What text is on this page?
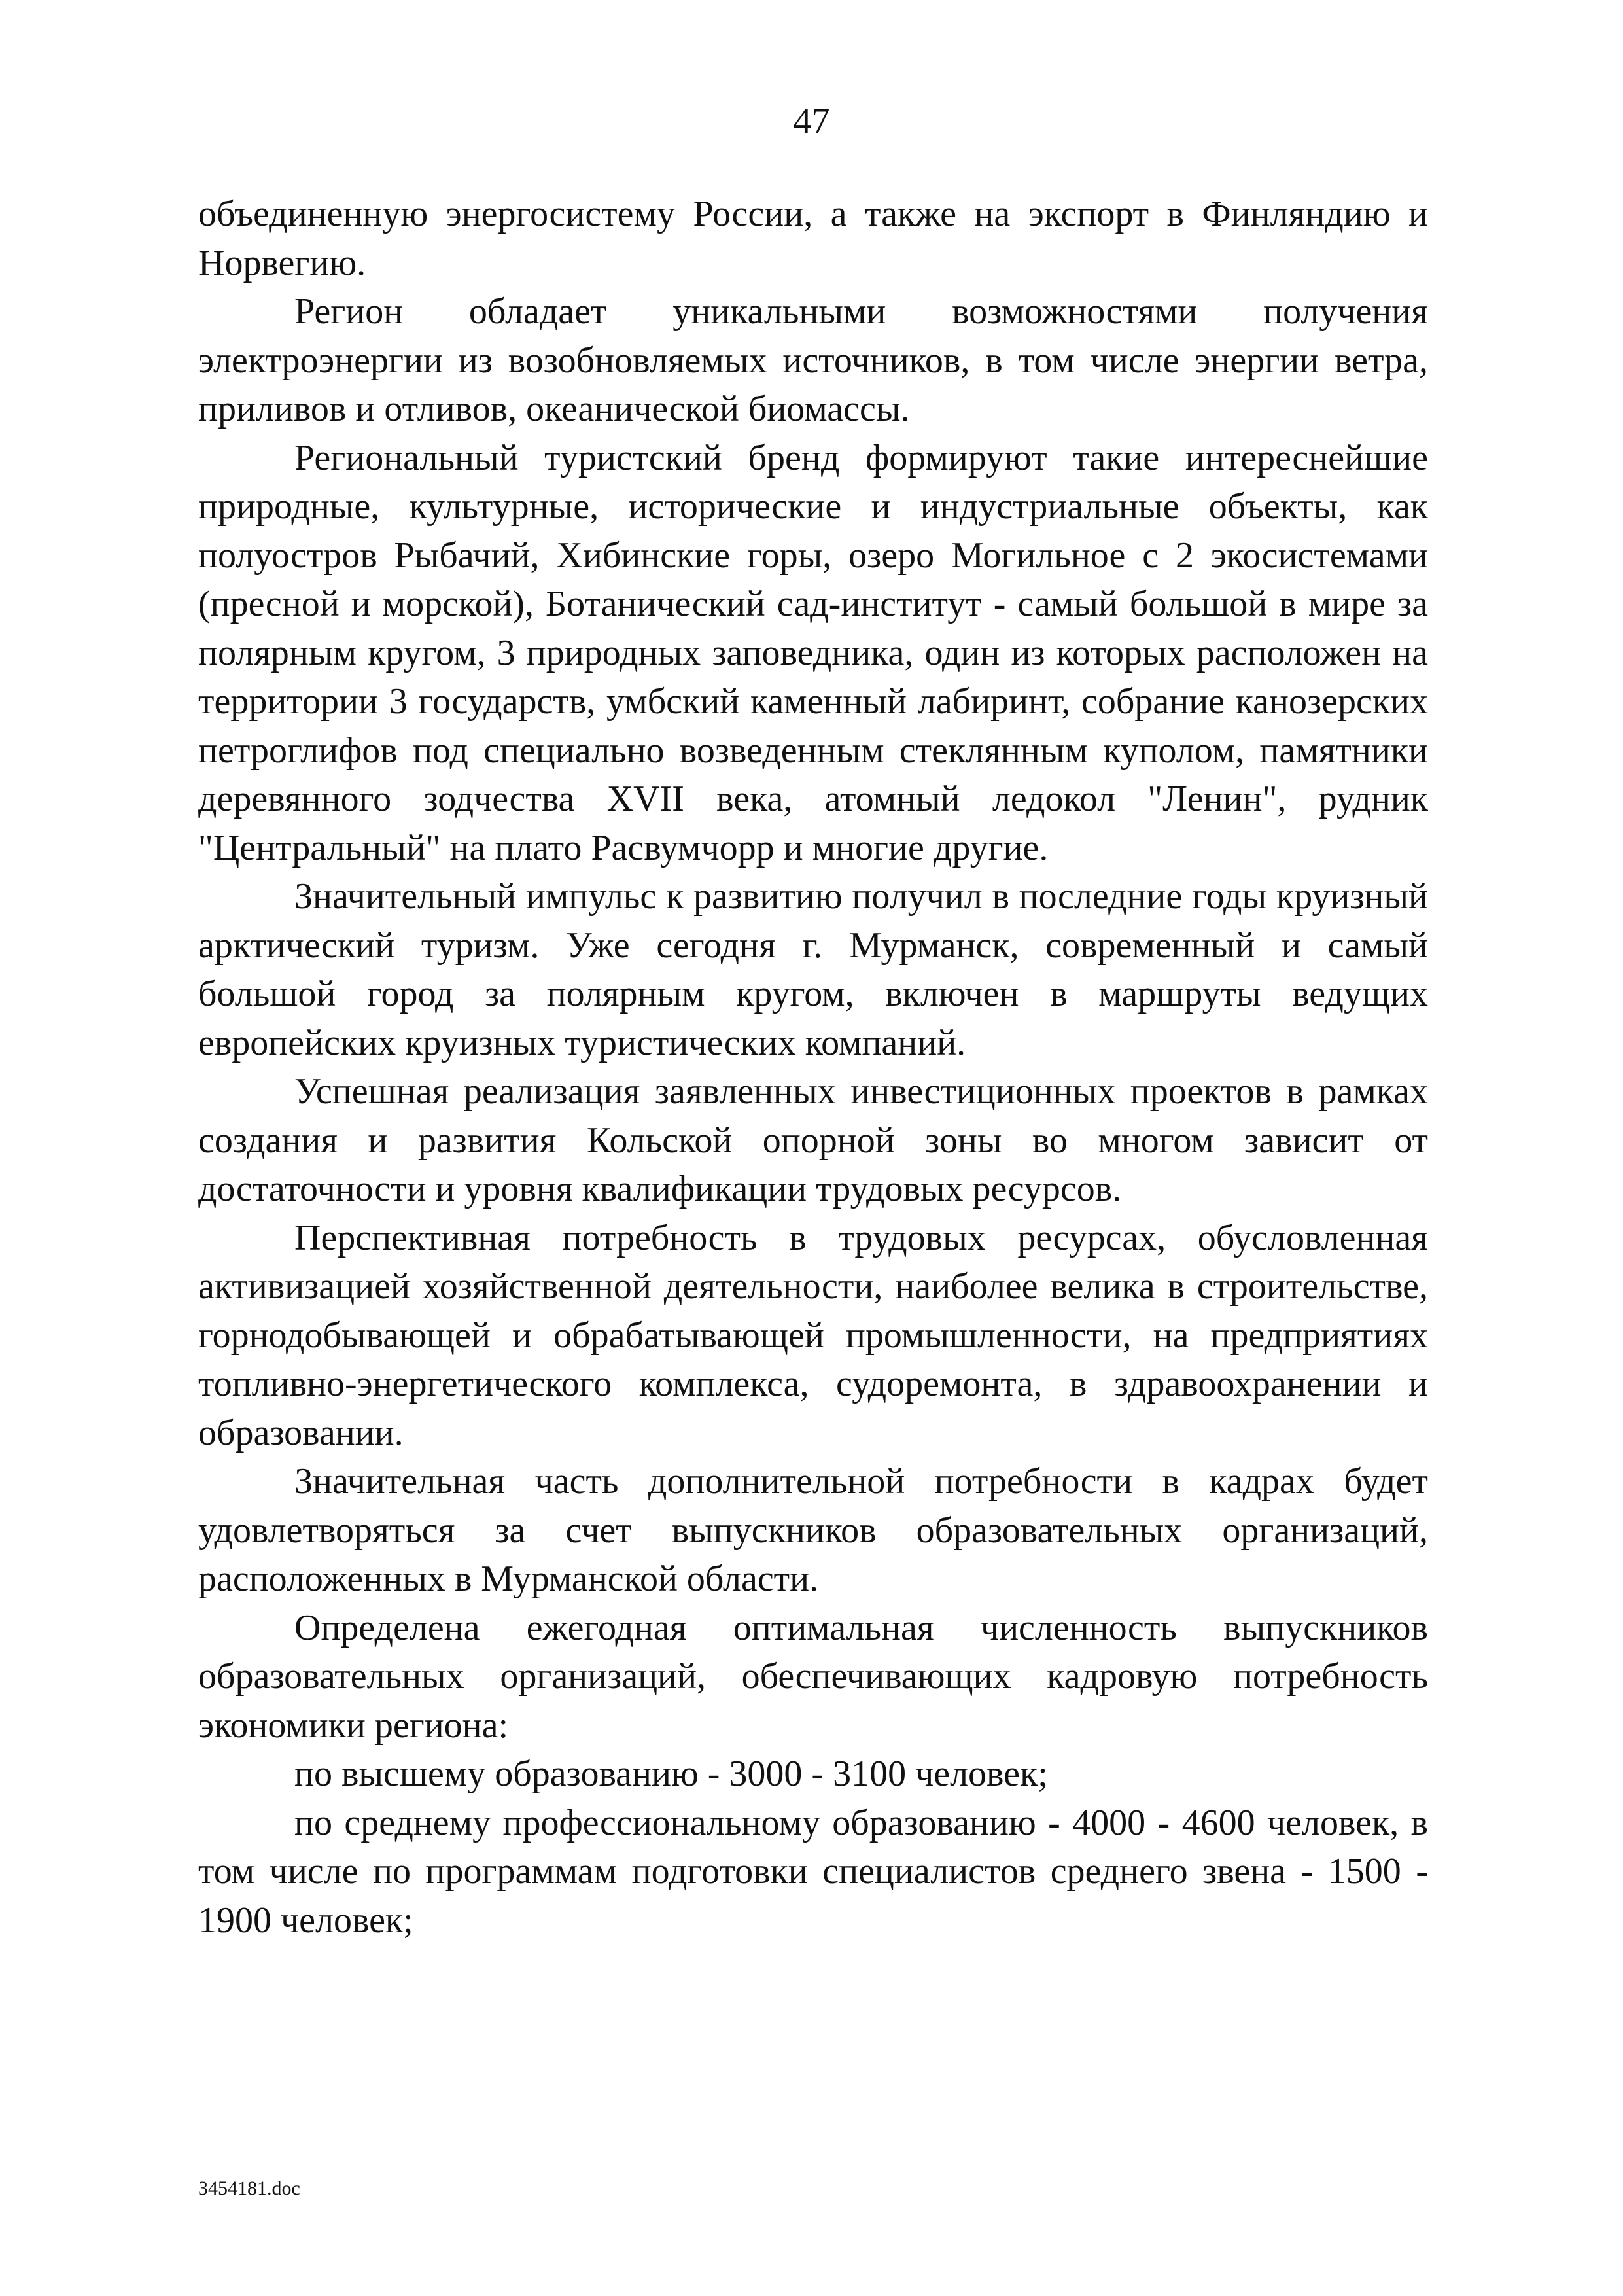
47

объединенную энергосистему России, а также на экспорт в Финляндию и Норвегию.

Регион обладает уникальными возможностями получения электроэнергии из возобновляемых источников, в том числе энергии ветра, приливов и отливов, океанической биомассы.

Региональный туристский бренд формируют такие интереснейшие природные, культурные, исторические и индустриальные объекты, как полуостров Рыбачий, Хибинские горы, озеро Могильное с 2 экосистемами (пресной и морской), Ботанический сад-институт - самый большой в мире за полярным кругом, 3 природных заповедника, один из которых расположен на территории 3 государств, умбский каменный лабиринт, собрание канозерских петроглифов под специально возведенным стеклянным куполом, памятники деревянного зодчества XVII века, атомный ледокол "Ленин", рудник "Центральный" на плато Расвумчорр и многие другие.

Значительный импульс к развитию получил в последние годы круизный арктический туризм. Уже сегодня г. Мурманск, современный и самый большой город за полярным кругом, включен в маршруты ведущих европейских круизных туристических компаний.

Успешная реализация заявленных инвестиционных проектов в рамках создания и развития Кольской опорной зоны во многом зависит от достаточности и уровня квалификации трудовых ресурсов.

Перспективная потребность в трудовых ресурсах, обусловленная активизацией хозяйственной деятельности, наиболее велика в строительстве, горнодобывающей и обрабатывающей промышленности, на предприятиях топливно-энергетического комплекса, судоремонта, в здравоохранении и образовании.

Значительная часть дополнительной потребности в кадрах будет удовлетворяться за счет выпускников образовательных организаций, расположенных в Мурманской области.

Определена ежегодная оптимальная численность выпускников образовательных организаций, обеспечивающих кадровую потребность экономики региона:

по высшему образованию - 3000 - 3100 человек;

по среднему профессиональному образованию - 4000 - 4600 человек, в том числе по программам подготовки специалистов среднего звена - 1500 - 1900 человек;

3454181.doc
